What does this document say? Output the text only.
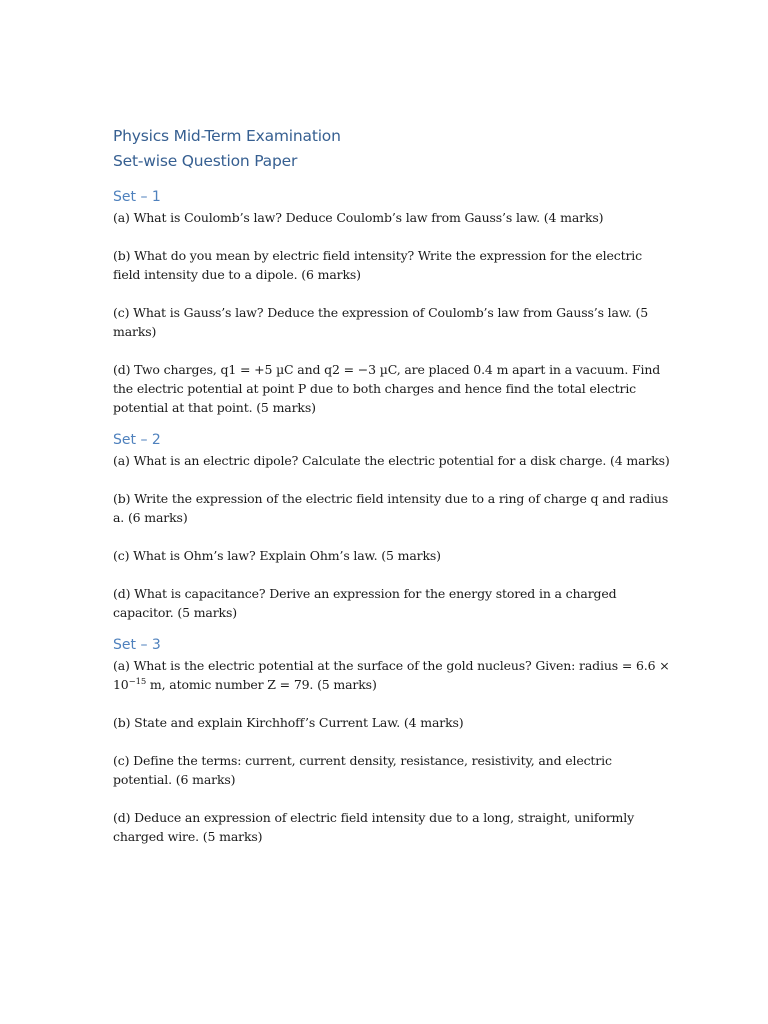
Physics Mid-Term Examination

Set-wise Question Paper

Set – 1

(a) What is Coulomb’s law? Deduce Coulomb’s law from Gauss’s law. (4 marks)

(b) What do you mean by electric field intensity? Write the expression for the electric field intensity due to a dipole. (6 marks)

(c) What is Gauss’s law? Deduce the expression of Coulomb’s law from Gauss’s law. (5 marks)

(d) Two charges, q1 = +5 µC and q2 = −3 µC, are placed 0.4 m apart in a vacuum. Find the electric potential at point P due to both charges and hence find the total electric potential at that point. (5 marks)

Set – 2

(a) What is an electric dipole? Calculate the electric potential for a disk charge. (4 marks)

(b) Write the expression of the electric field intensity due to a ring of charge q and radius a. (6 marks)

(c) What is Ohm’s law? Explain Ohm’s law. (5 marks)

(d) What is capacitance? Derive an expression for the energy stored in a charged capacitor. (5 marks)

Set – 3

(a) What is the electric potential at the surface of the gold nucleus? Given: radius = $6.6 \times 10^{-15}$ m, atomic number Z = 79. (5 marks)

(b) State and explain Kirchhoff’s Current Law. (4 marks)

(c) Define the terms: current, current density, resistance, resistivity, and electric potential. (6 marks)

(d) Deduce an expression of electric field intensity due to a long, straight, uniformly charged wire. (5 marks)
